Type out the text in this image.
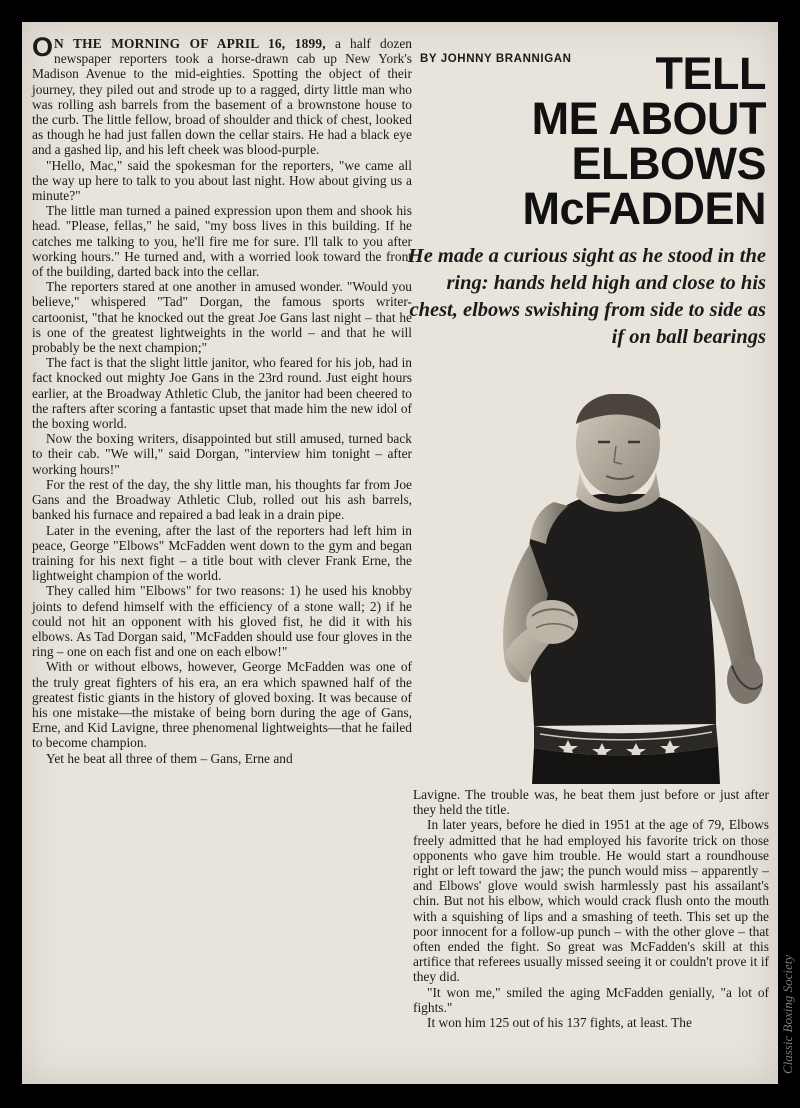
O N THE MORNING OF APRIL 16, 1899, a half dozen newspaper reporters took a horse-drawn cab up New York's Madison Avenue to the mid-eighties. Spotting the object of their journey, they piled out and strode up to a ragged, dirty little man who was rolling ash barrels from the basement of a brownstone house to the curb. The little fellow, broad of shoulder and thick of chest, looked as though he had just fallen down the cellar stairs. He had a black eye and a gashed lip, and his left cheek was blood-purple.

"Hello, Mac," said the spokesman for the reporters, "we came all the way up here to talk to you about last night. How about giving us a minute?"

The little man turned a pained expression upon them and shook his head. "Please, fellas," he said, "my boss lives in this building. If he catches me talking to you, he'll fire me for sure. I'll talk to you after working hours." He turned and, with a worried look toward the front of the building, darted back into the cellar.

The reporters stared at one another in amused wonder. "Would you believe," whispered "Tad" Dorgan, the famous sports writer-cartoonist, "that he knocked out the great Joe Gans last night – that he is one of the greatest lightweights in the world – and that he will probably be the next champion;"

The fact is that the slight little janitor, who feared for his job, had in fact knocked out mighty Joe Gans in the 23rd round. Just eight hours earlier, at the Broadway Athletic Club, the janitor had been cheered to the rafters after scoring a fantastic upset that made him the new idol of the boxing world.

Now the boxing writers, disappointed but still amused, turned back to their cab. "We will," said Dorgan, "interview him tonight – after working hours!"

For the rest of the day, the shy little man, his thoughts far from Joe Gans and the Broadway Athletic Club, rolled out his ash barrels, banked his furnace and repaired a bad leak in a drain pipe.

Later in the evening, after the last of the reporters had left him in peace, George "Elbows" McFadden went down to the gym and began training for his next fight – a title bout with clever Frank Erne, the lightweight champion of the world.

They called him "Elbows" for two reasons: 1) he used his knobby joints to defend himself with the efficiency of a stone wall; 2) if he could not hit an opponent with his gloved fist, he did it with his elbows. As Tad Dorgan said, "McFadden should use four gloves in the ring – one on each fist and one on each elbow!"

With or without elbows, however, George McFadden was one of the truly great fighters of his era, an era which spawned half of the greatest fistic giants in the history of gloved boxing. It was because of his one mistake—the mistake of being born during the age of Gans, Erne, and Kid Lavigne, three phenomenal lightweights—that he failed to become champion.

Yet he beat all three of them – Gans, Erne and

BY JOHNNY BRANNIGAN	TELL
ME ABOUT
ELBOWS
McFADDEN
He made a curious sight as he stood in the ring: hands held high and close to his chest, elbows swishing from side to side as if on ball bearings

Lavigne. The trouble was, he beat them just before or just after they held the title.

In later years, before he died in 1951 at the age of 79, Elbows freely admitted that he had employed his favorite trick on those opponents who gave him trouble. He would start a roundhouse right or left toward the jaw; the punch would miss – apparently – and Elbows' glove would swish harmlessly past his assailant's chin. But not his elbow, which would crack flush onto the mouth with a squishing of lips and a smashing of teeth. This set up the poor innocent for a follow-up punch – with the other glove – that often ended the fight. So great was McFadden's skill at this artifice that referees usually missed seeing it or couldn't prove it if they did.

"It won me," smiled the aging McFadden genially, "a lot of fights."

It won him 125 out of his 137 fights, at least. The	Classic Boxing Society
